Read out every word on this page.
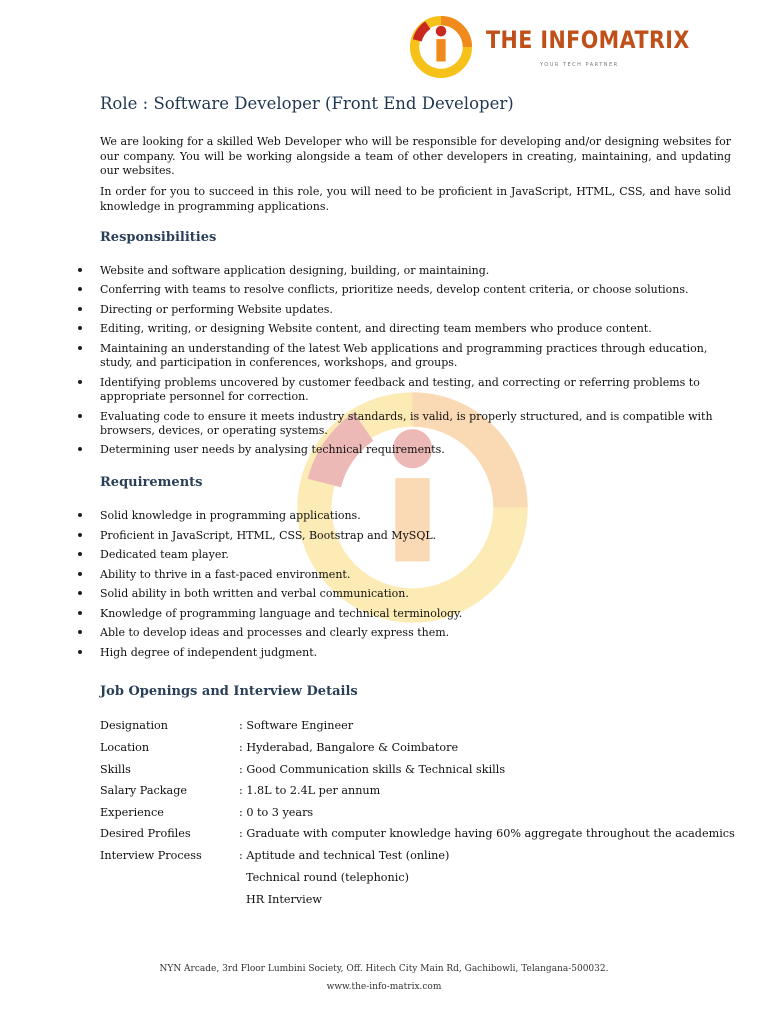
THE INFOMATRIX
YOUR TECH PARTNER
Role : Software Developer (Front End Developer)

We are looking for a skilled Web Developer who will be responsible for developing and/or designing websites for our company. You will be working alongside a team of other developers in creating, maintaining, and updating our websites.

In order for you to succeed in this role, you will need to be proficient in JavaScript, HTML, CSS, and have solid knowledge in programming applications.

Responsibilities
Website and software application designing, building, or maintaining.
Conferring with teams to resolve conflicts, prioritize needs, develop content criteria, or choose solutions.
Directing or performing Website updates.
Editing, writing, or designing Website content, and directing team members who produce content.
Maintaining an understanding of the latest Web applications and programming practices through education, study, and participation in conferences, workshops, and groups.
Identifying problems uncovered by customer feedback and testing, and correcting or referring problems to appropriate personnel for correction.
Evaluating code to ensure it meets industry standards, is valid, is properly structured, and is compatible with browsers, devices, or operating systems.
Determining user needs by analysing technical requirements.
Requirements
Solid knowledge in programming applications.
Proficient in JavaScript, HTML, CSS, Bootstrap and MySQL.
Dedicated team player.
Ability to thrive in a fast-paced environment.
Solid ability in both written and verbal communication.
Knowledge of programming language and technical terminology.
Able to develop ideas and processes and clearly express them.
High degree of independent judgment.
Job Openings and Interview Details
Designation	: Software Engineer
Location	: Hyderabad, Bangalore & Coimbatore
Skills	: Good Communication skills & Technical skills
Salary Package	: 1.8L to 2.4L per annum
Experience	: 0 to 3 years
Desired Profiles	: Graduate with computer knowledge having 60% aggregate throughout the academics
Interview Process	: Aptitude and technical Test (online)
Technical round (telephonic)
HR Interview
NYN Arcade, 3rd Floor Lumbini Society, Off. Hitech City Main Rd, Gachibowli, Telangana-500032.
www.the-info-matrix.com
